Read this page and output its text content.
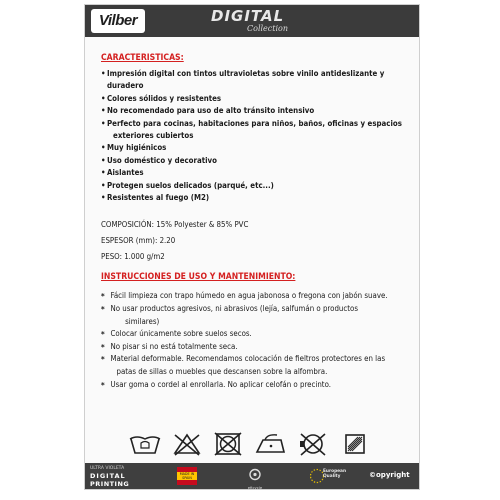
Vilber	DIGITAL
Collection
CARACTERISTICAS:
• Impresión digital con tintos ultravioletas sobre vinilo antideslizante y duradero
• Colores sólidos y resistentes
• No recomendado para uso de alto tránsito intensivo
• Perfecto para cocinas, habitaciones para niños, baños, oficinas y espacios
exteriores cubiertos
• Muy higiénicos
• Uso doméstico y decorativo
• Aislantes
• Protegen suelos delicados (parqué, etc...)
• Resistentes al fuego (M2)
COMPOSICIÓN: 15% Polyester & 85% PVC
ESPESOR (mm): 2.20
PESO: 1.000 g/m2
INSTRUCCIONES DE USO Y MANTENIMIENTO:
* Fácil limpieza con trapo húmedo en agua jabonosa o fregona con jabón suave.
* No usar productos agresivos, ni abrasivos (lejía, salfumán o productos
similares)
* Colocar únicamente sobre suelos secos.
* No pisar si no está totalmente seca.
* Material deformable. Recomendamos colocación de fieltros protectores en las
patas de sillas o muebles que descansen sobre la alfombra.
* Usar goma o cordel al enrollarla. No aplicar celofán o precinto.
ULTRA VIOLETA
DIGITAL
PRINTING
MADE IN SPAIN
eficycle
European Quality	©opyright
